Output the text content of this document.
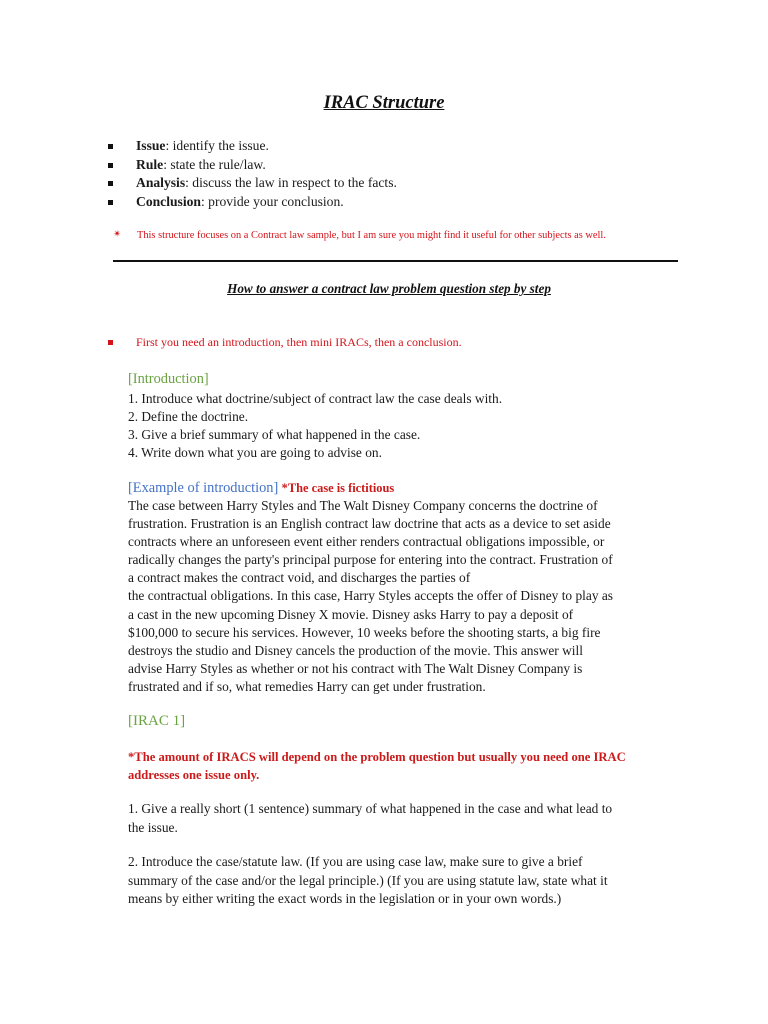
IRAC Structure
Issue: identify the issue.
Rule: state the rule/law.
Analysis: discuss the law in respect to the facts.
Conclusion: provide your conclusion.
✴	This structure focuses on a Contract law sample, but I am sure you might find it useful for other subjects as well.
How to answer a contract law problem question step by step
First you need an introduction, then mini IRACs, then a conclusion.
[Introduction]
1. Introduce what doctrine/subject of contract law the case deals with.
2. Define the doctrine.
3. Give a brief summary of what happened in the case.
4. Write down what you are going to advise on.
[Example of introduction] *The case is fictitious
The case between Harry Styles and The Walt Disney Company concerns the doctrine of
frustration. Frustration is an English contract law doctrine that acts as a device to set aside
contracts where an unforeseen event either renders contractual obligations impossible, or
radically changes the party's principal purpose for entering into the contract. Frustration of
a contract makes the contract void, and discharges the parties of
the contractual obligations. In this case, Harry Styles accepts the offer of Disney to play as
a cast in the new upcoming Disney X movie. Disney asks Harry to pay a deposit of
$100,000 to secure his services. However, 10 weeks before the shooting starts, a big fire
destroys the studio and Disney cancels the production of the movie. This answer will
advise Harry Styles as whether or not his contract with The Walt Disney Company is
frustrated and if so, what remedies Harry can get under frustration.
[IRAC 1]
*The amount of IRACS will depend on the problem question but usually you need one IRAC
addresses one issue only.
1. Give a really short (1 sentence) summary of what happened in the case and what lead to
the issue.
2. Introduce the case/statute law. (If you are using case law, make sure to give a brief
summary of the case and/or the legal principle.) (If you are using statute law, state what it
means by either writing the exact words in the legislation or in your own words.)
